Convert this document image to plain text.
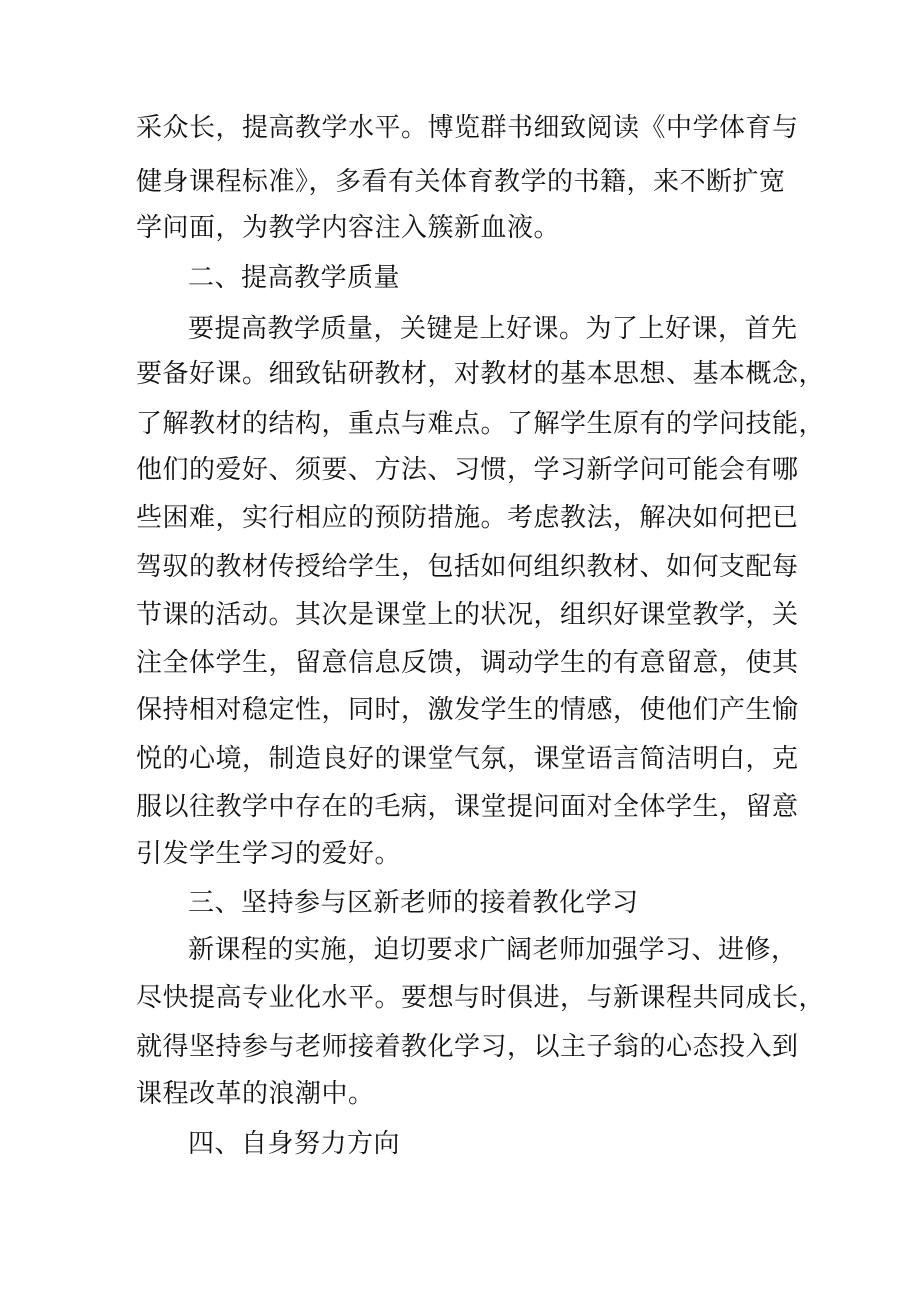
采众长，提高教学水平。博览群书细致阅读《中学体育与
健身课程标准》，多看有关体育教学的书籍，来不断扩宽
学问面，为教学内容注入簇新血液。
二、提高教学质量
要提高教学质量，关键是上好课。为了上好课，首先
要备好课。细致钻研教材，对教材的基本思想、基本概念，
了解教材的结构，重点与难点。了解学生原有的学问技能，
他们的爱好、须要、方法、习惯，学习新学问可能会有哪
些困难，实行相应的预防措施。考虑教法，解决如何把已
驾驭的教材传授给学生，包括如何组织教材、如何支配每
节课的活动。其次是课堂上的状况，组织好课堂教学，关
注全体学生，留意信息反馈，调动学生的有意留意，使其
保持相对稳定性，同时，激发学生的情感，使他们产生愉
悦的心境，制造良好的课堂气氛，课堂语言简洁明白，克
服以往教学中存在的毛病，课堂提问面对全体学生，留意
引发学生学习的爱好。
三、坚持参与区新老师的接着教化学习
新课程的实施，迫切要求广阔老师加强学习、进修，
尽快提高专业化水平。要想与时俱进，与新课程共同成长，
就得坚持参与老师接着教化学习，以主子翁的心态投入到
课程改革的浪潮中。
四、自身努力方向
